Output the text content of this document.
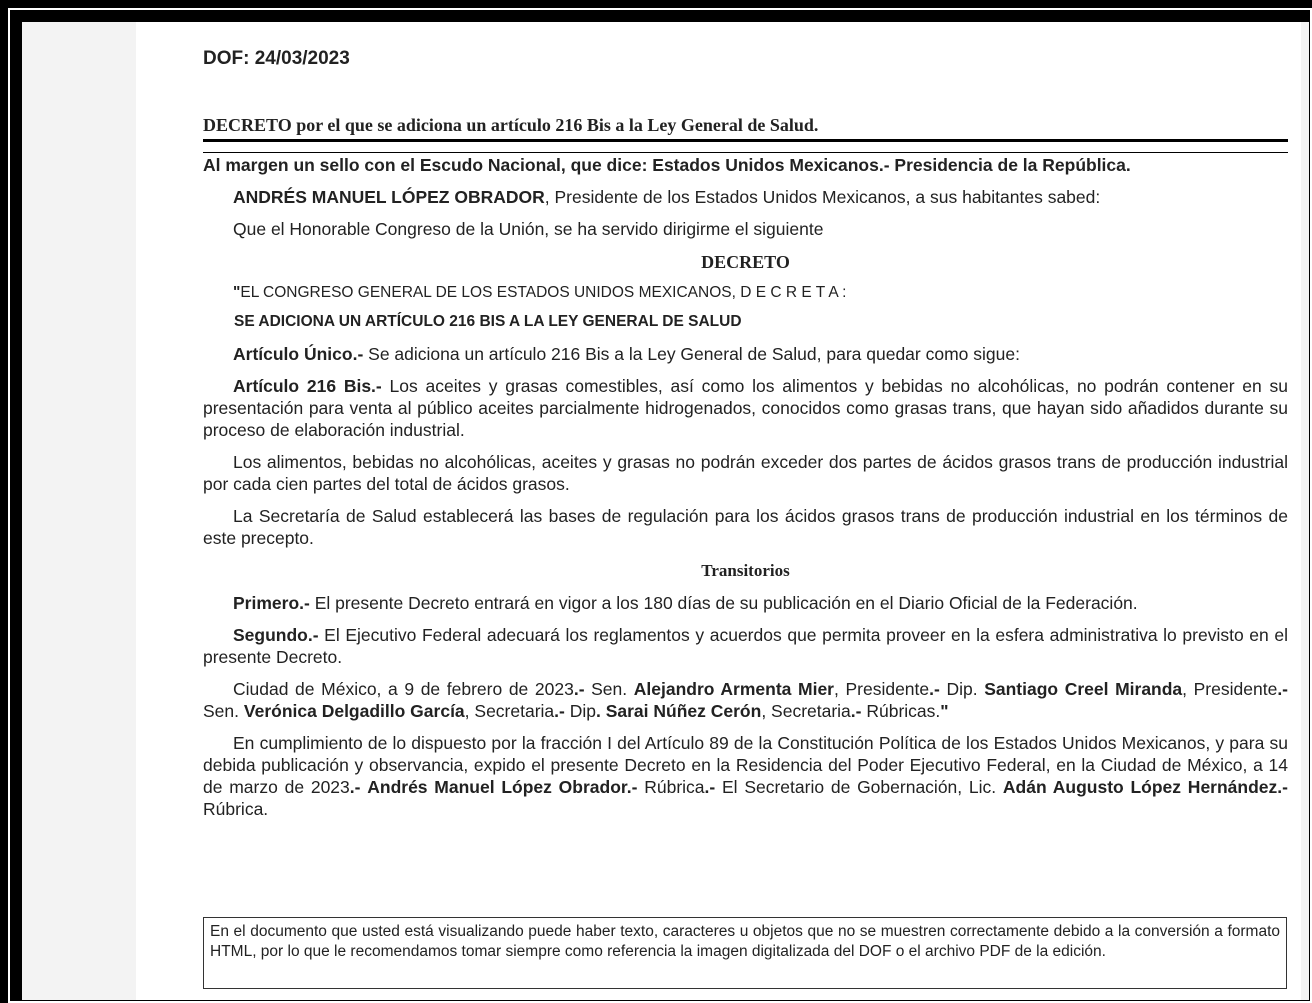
DOF: 24/03/2023
DECRETO por el que se adiciona un artículo 216 Bis a la Ley General de Salud.
Al margen un sello con el Escudo Nacional, que dice: Estados Unidos Mexicanos.- Presidencia de la República.
ANDRÉS MANUEL LÓPEZ OBRADOR, Presidente de los Estados Unidos Mexicanos, a sus habitantes sabed:
Que el Honorable Congreso de la Unión, se ha servido dirigirme el siguiente
DECRETO
"EL CONGRESO GENERAL DE LOS ESTADOS UNIDOS MEXICANOS, D E C R E T A :
SE ADICIONA UN ARTÍCULO 216 BIS A LA LEY GENERAL DE SALUD
Artículo Único.- Se adiciona un artículo 216 Bis a la Ley General de Salud, para quedar como sigue:
Artículo 216 Bis.- Los aceites y grasas comestibles, así como los alimentos y bebidas no alcohólicas, no podrán contener en su presentación para venta al público aceites parcialmente hidrogenados, conocidos como grasas trans, que hayan sido añadidos durante su proceso de elaboración industrial.
Los alimentos, bebidas no alcohólicas, aceites y grasas no podrán exceder dos partes de ácidos grasos trans de producción industrial por cada cien partes del total de ácidos grasos.
La Secretaría de Salud establecerá las bases de regulación para los ácidos grasos trans de producción industrial en los términos de este precepto.
Transitorios
Primero.- El presente Decreto entrará en vigor a los 180 días de su publicación en el Diario Oficial de la Federación.
Segundo.- El Ejecutivo Federal adecuará los reglamentos y acuerdos que permita proveer en la esfera administrativa lo previsto en el presente Decreto.
Ciudad de México, a 9 de febrero de 2023.- Sen. Alejandro Armenta Mier, Presidente.- Dip. Santiago Creel Miranda, Presidente.- Sen. Verónica Delgadillo García, Secretaria.- Dip. Sarai Núñez Cerón, Secretaria.- Rúbricas."
En cumplimiento de lo dispuesto por la fracción I del Artículo 89 de la Constitución Política de los Estados Unidos Mexicanos, y para su debida publicación y observancia, expido el presente Decreto en la Residencia del Poder Ejecutivo Federal, en la Ciudad de México, a 14 de marzo de 2023.- Andrés Manuel López Obrador.- Rúbrica.- El Secretario de Gobernación, Lic. Adán Augusto López Hernández.- Rúbrica.
En el documento que usted está visualizando puede haber texto, caracteres u objetos que no se muestren correctamente debido a la conversión a formato HTML, por lo que le recomendamos tomar siempre como referencia la imagen digitalizada del DOF o el archivo PDF de la edición.
